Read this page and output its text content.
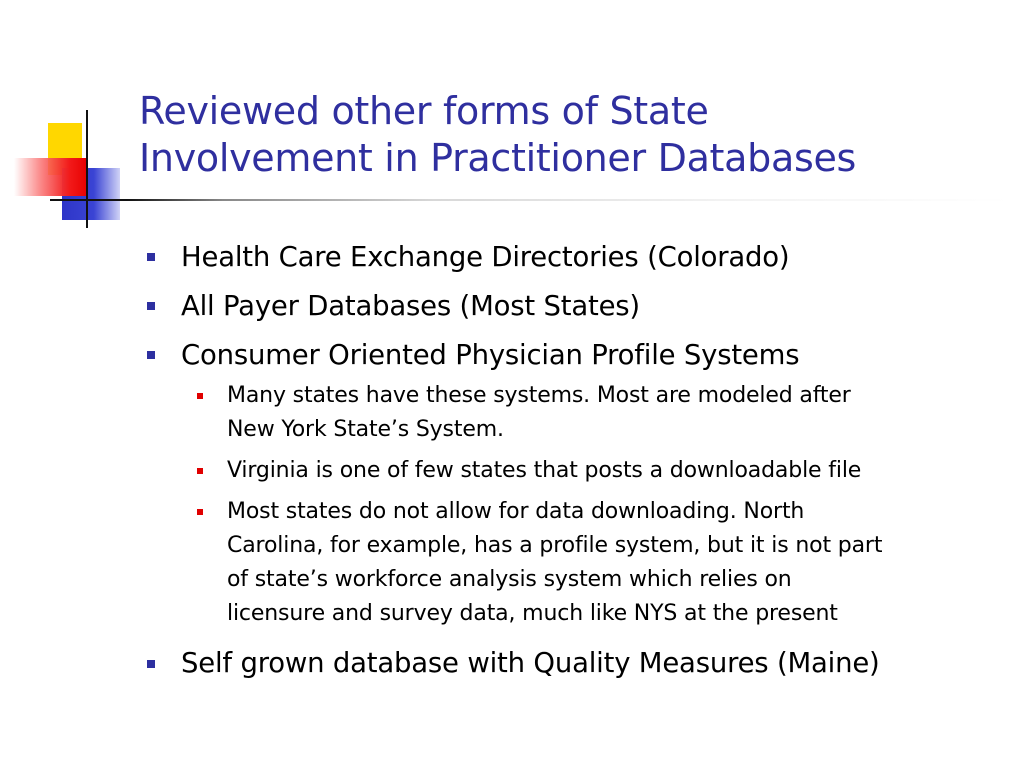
Reviewed other forms of State
Involvement in Practitioner Databases
Health Care Exchange Directories (Colorado)
All Payer Databases (Most States)
Consumer Oriented Physician Profile Systems
Many states have these systems. Most are modeled after
New York State’s System.
Virginia is one of few states that posts a downloadable file
Most states do not allow for data downloading. North
Carolina, for example, has a profile system, but it is not part
of state’s workforce analysis system which relies on
licensure and survey data, much like NYS at the present
Self grown database with Quality Measures (Maine)
